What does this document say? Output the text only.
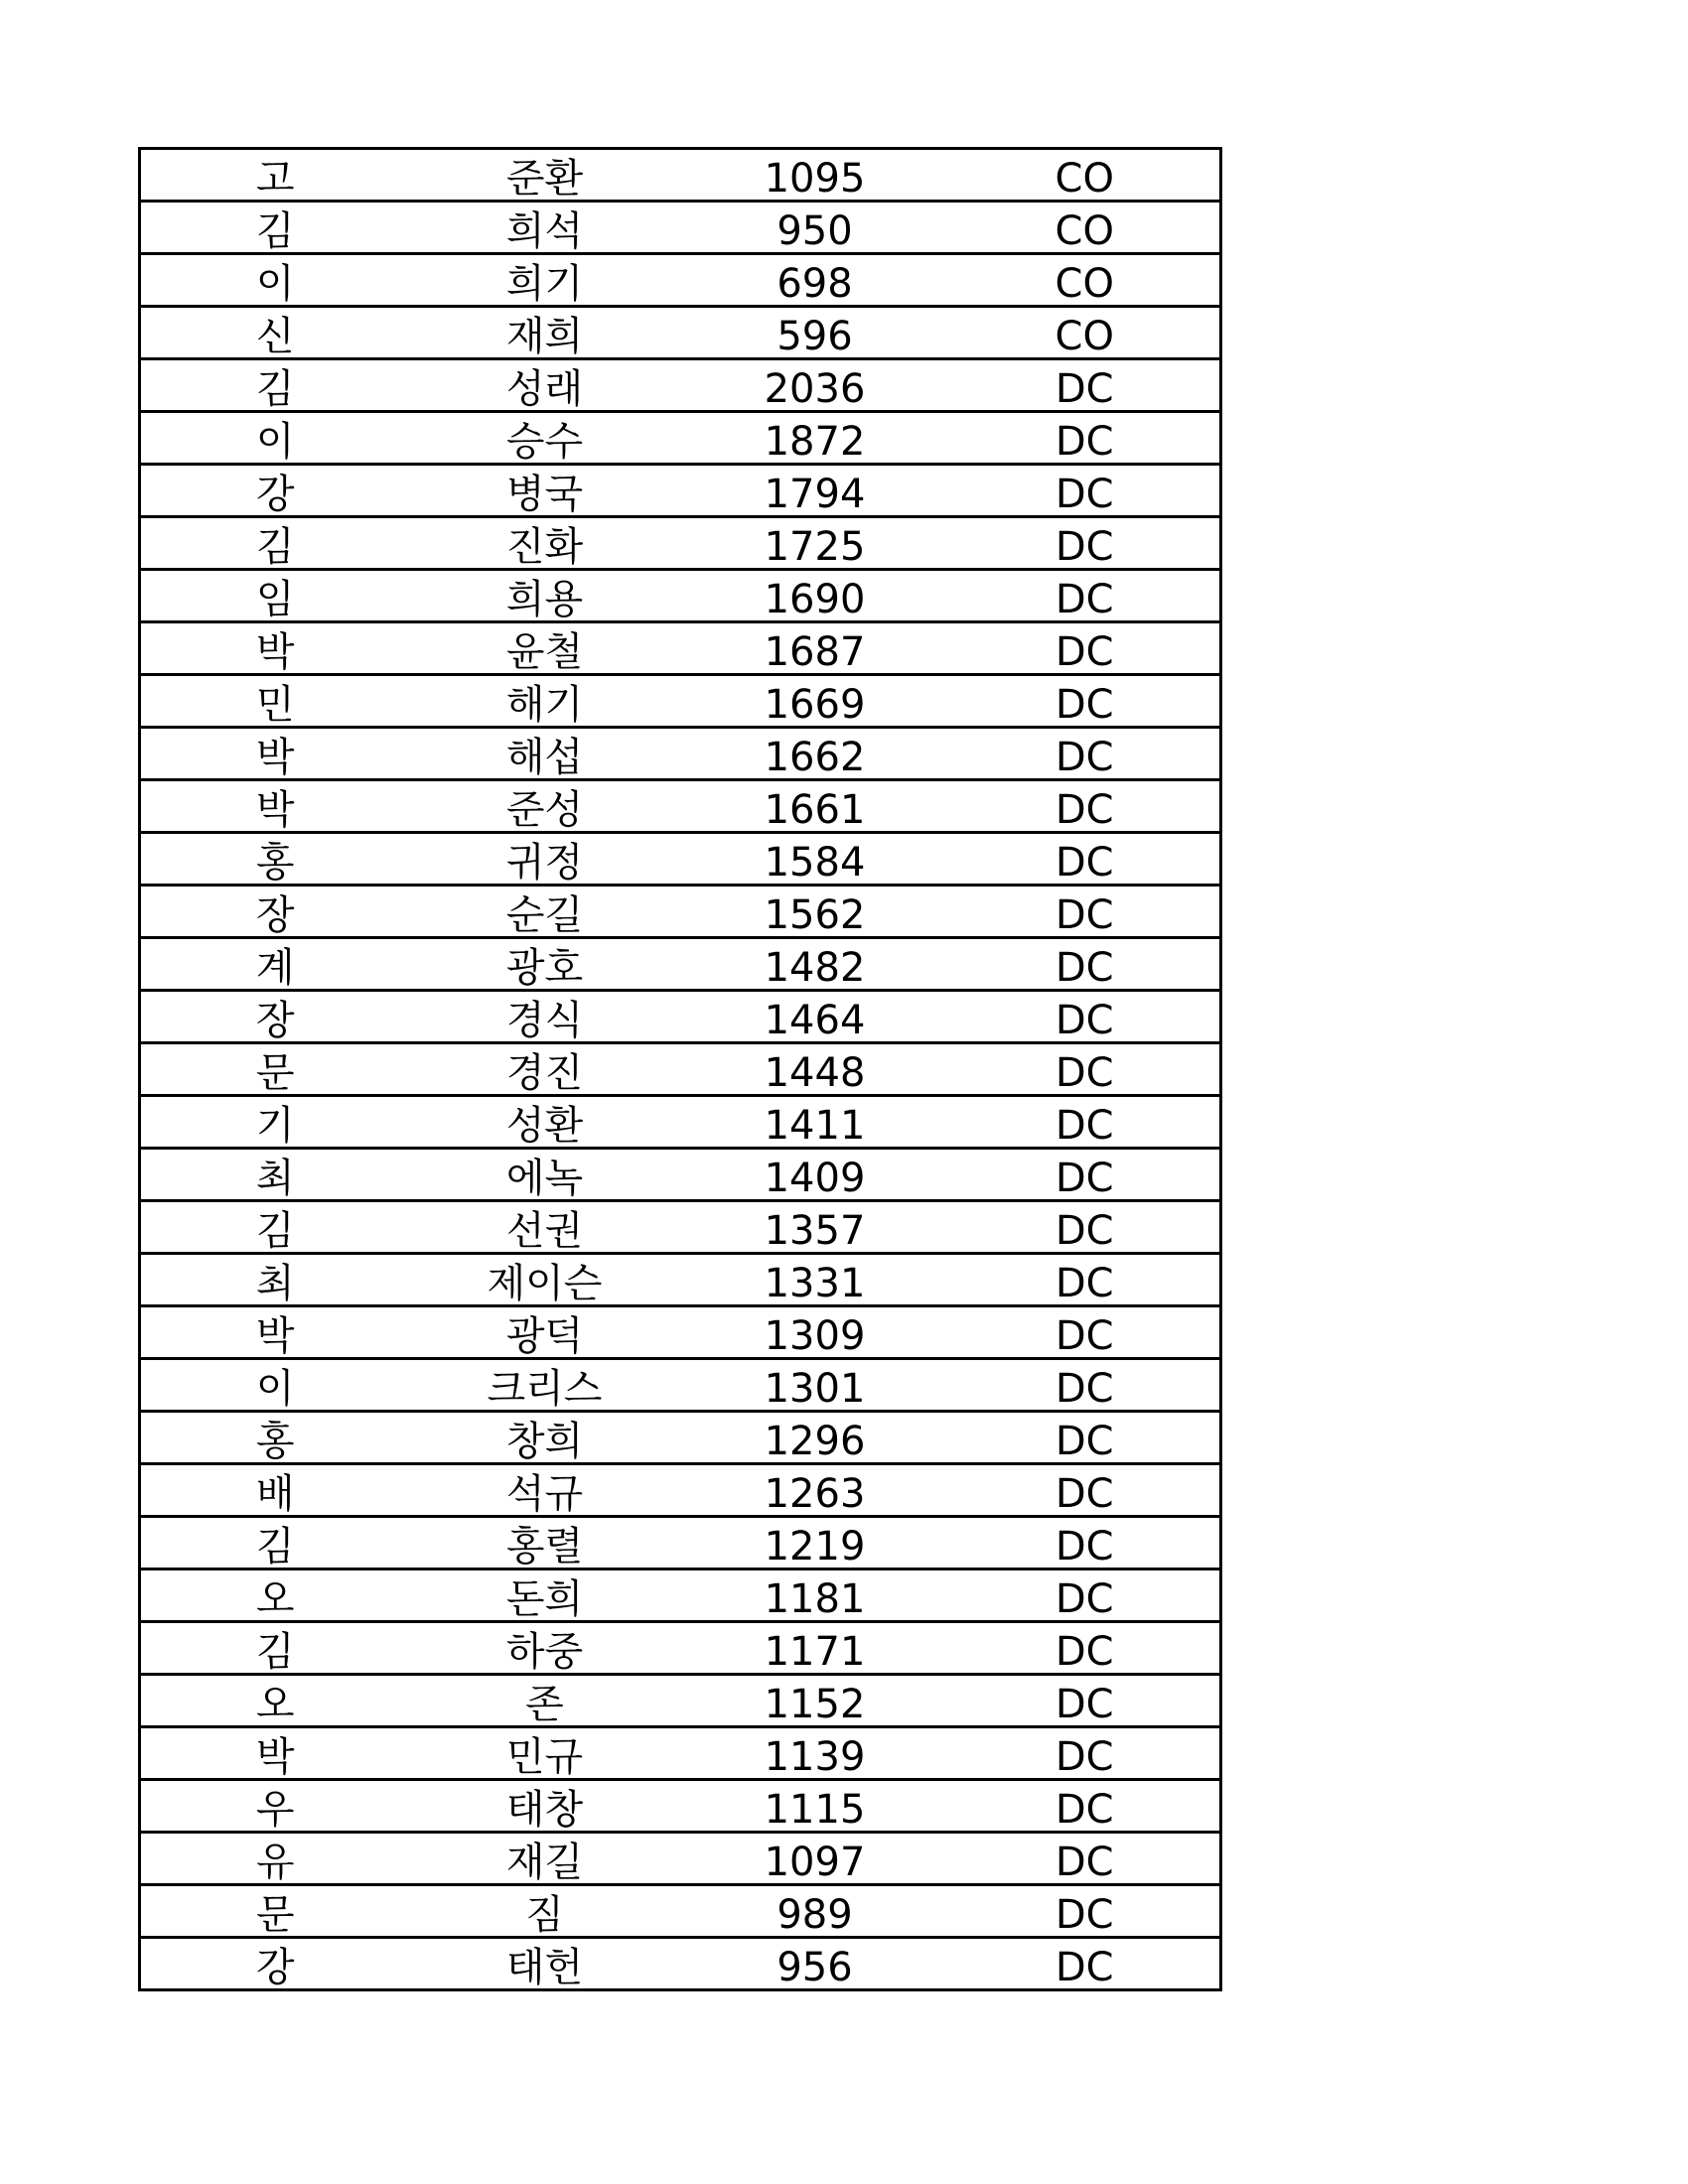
고	준환	1095	CO
김	희석	950	CO
이	희기	698	CO
신	재희	596	CO
김	성래	2036	DC
이	승수	1872	DC
강	병국	1794	DC
김	진화	1725	DC
임	희용	1690	DC
박	윤철	1687	DC
민	해기	1669	DC
박	해섭	1662	DC
박	준성	1661	DC
홍	귀정	1584	DC
장	순길	1562	DC
계	광호	1482	DC
장	경식	1464	DC
문	경진	1448	DC
기	성환	1411	DC
최	에녹	1409	DC
김	선권	1357	DC
최	제이슨	1331	DC
박	광덕	1309	DC
이	크리스	1301	DC
홍	창희	1296	DC
배	석규	1263	DC
김	홍렬	1219	DC
오	돈희	1181	DC
김	하중	1171	DC
오	존	1152	DC
박	민규	1139	DC
우	태창	1115	DC
유	재길	1097	DC
문	짐	989	DC
강	태헌	956	DC
